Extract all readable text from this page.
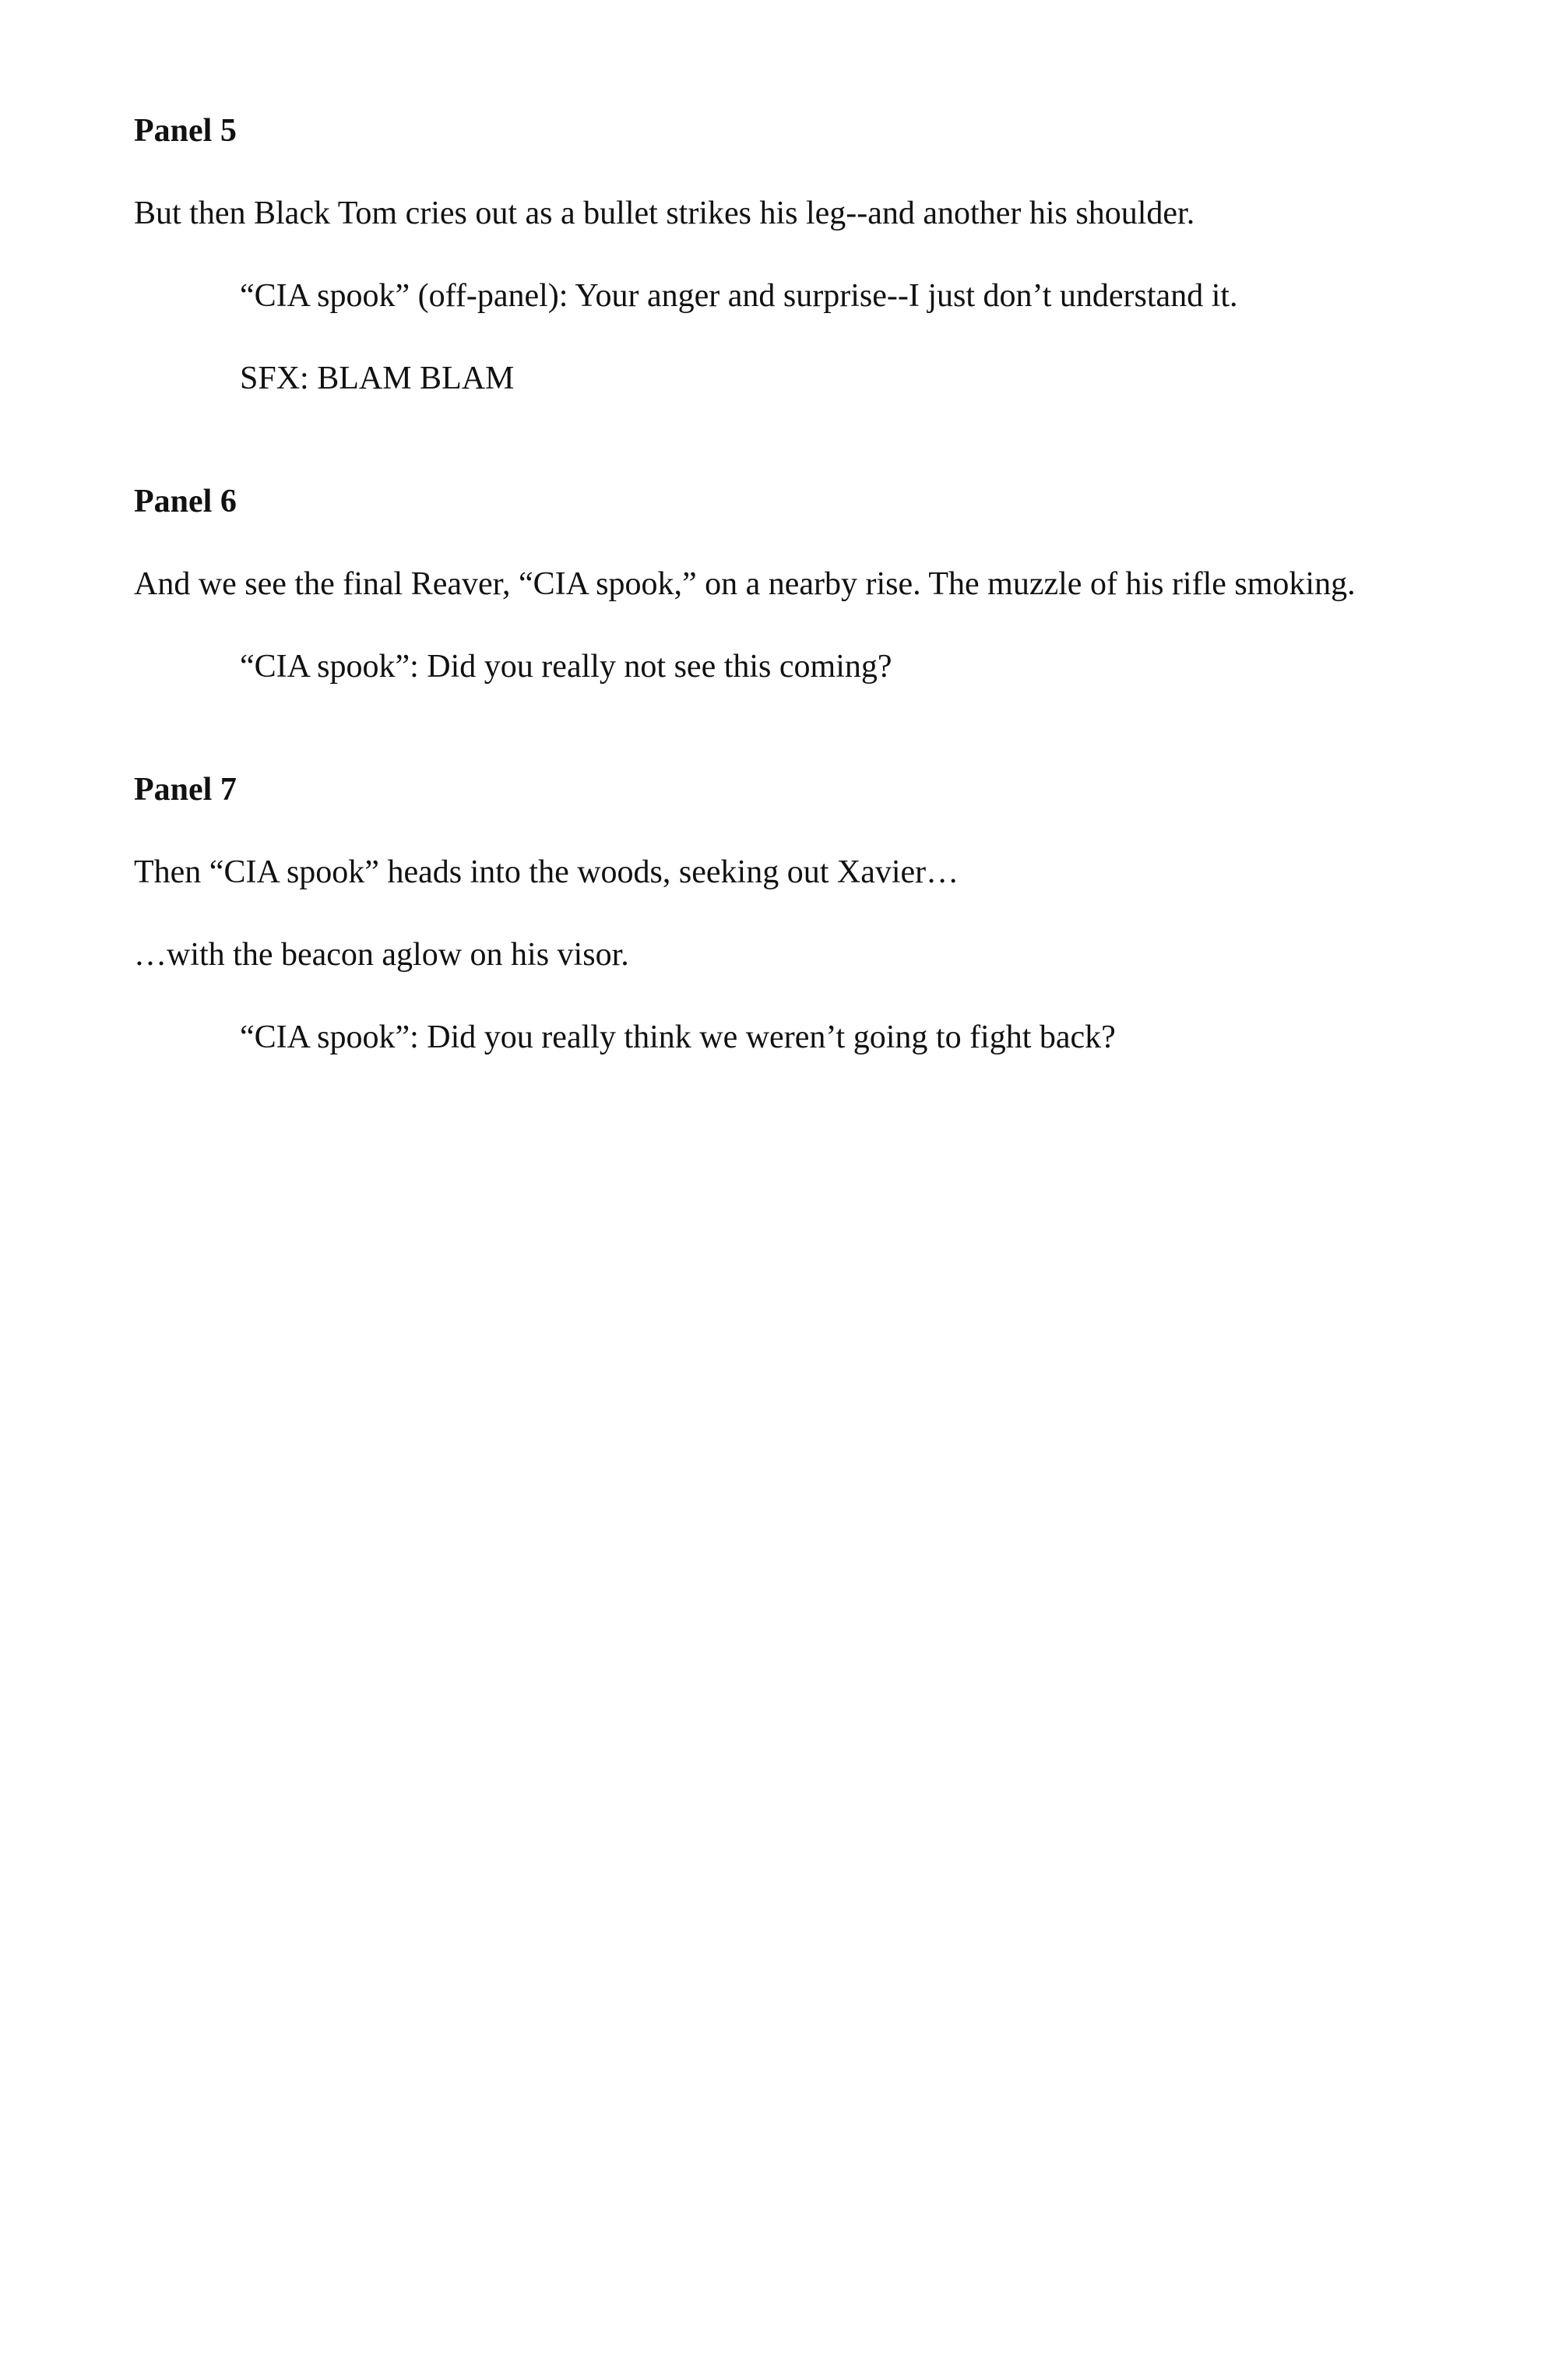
Panel 5
But then Black Tom cries out as a bullet strikes his leg--and another his shoulder.
“CIA spook” (off-panel): Your anger and surprise--I just don’t understand it.
SFX: BLAM BLAM
Panel 6
And we see the final Reaver, “CIA spook,” on a nearby rise. The muzzle of his rifle smoking.
“CIA spook”: Did you really not see this coming?
Panel 7
Then “CIA spook” heads into the woods, seeking out Xavier…
…with the beacon aglow on his visor.
“CIA spook”: Did you really think we weren’t going to fight back?
